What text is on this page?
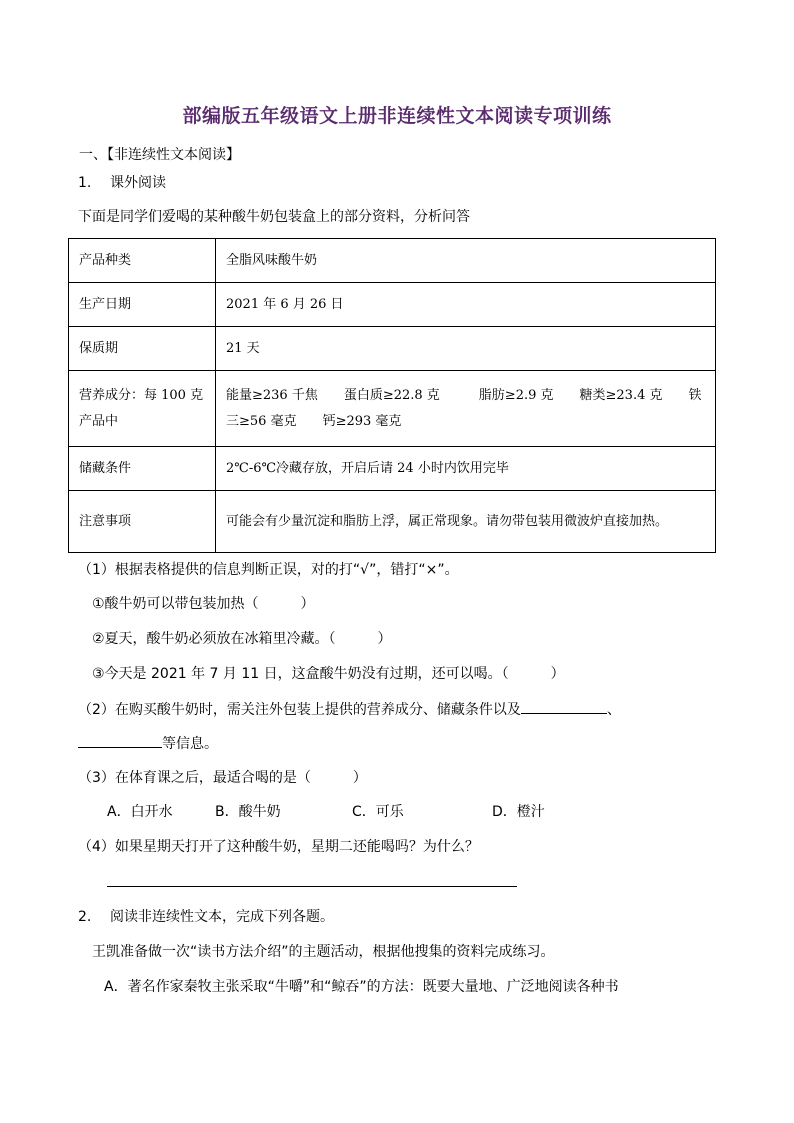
部编版五年级语文上册非连续性文本阅读专项训练
一、【非连续性文本阅读】
1. 课外阅读
下面是同学们爱喝的某种酸牛奶包装盒上的部分资料，分析问答
产品种类	全脂风味酸牛奶
生产日期	2021 年 6 月 26 日
保质期	21 天
营养成分：每 100 克产品中	能量≥236 千焦　　蛋白质≥22.8 克　　　脂肪≥2.9 克　　糖类≥23.4 克　　铁三≥56 毫克　　钙≥293 毫克
储藏条件	2℃-6℃冷藏存放，开启后请 24 小时内饮用完毕
注意事项	可能会有少量沉淀和脂肪上浮，属正常现象。请勿带包装用微波炉直接加热。
（1）根据表格提供的信息判断正误，对的打“√”，错打“×”。
①酸牛奶可以带包装加热（　　　）
②夏天，酸牛奶必须放在冰箱里冷藏。（　　　）
③今天是 2021 年 7 月 11 日，这盒酸牛奶没有过期，还可以喝。（　　　）
（2）在购买酸牛奶时，需关注外包装上提供的营养成分、储藏条件以及	、
等信息。
（3）在体育课之后，最适合喝的是（　　　）
A．白开水	B．酸牛奶	C．可乐	D．橙汁
（4）如果星期天打开了这种酸牛奶，星期二还能喝吗？为什么？
2. 阅读非连续性文本，完成下列各题。
王凯准备做一次“读书方法介绍”的主题活动，根据他搜集的资料完成练习。
A．著名作家秦牧主张采取“牛嚼”和“鲸吞”的方法：既要大量地、广泛地阅读各种书
